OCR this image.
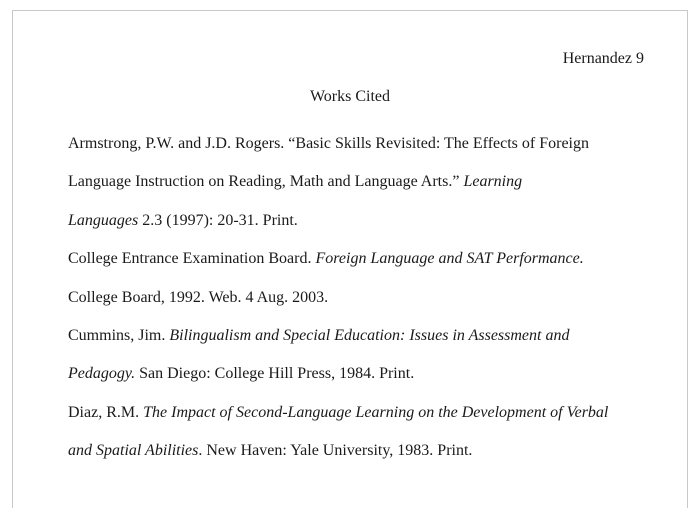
Hernandez 9
Works Cited

Armstrong, P.W. and J.D. Rogers. “Basic Skills Revisited: The Effects of Foreign
Language Instruction on Reading, Math and Language Arts.” Learning
Languages 2.3 (1997): 20-31. Print.

College Entrance Examination Board. Foreign Language and SAT Performance.
College Board, 1992. Web. 4 Aug. 2003.

Cummins, Jim. Bilingualism and Special Education: Issues in Assessment and
Pedagogy. San Diego: College Hill Press, 1984. Print.

Diaz, R.M. The Impact of Second-Language Learning on the Development of Verbal
and Spatial Abilities. New Haven: Yale University, 1983. Print.
